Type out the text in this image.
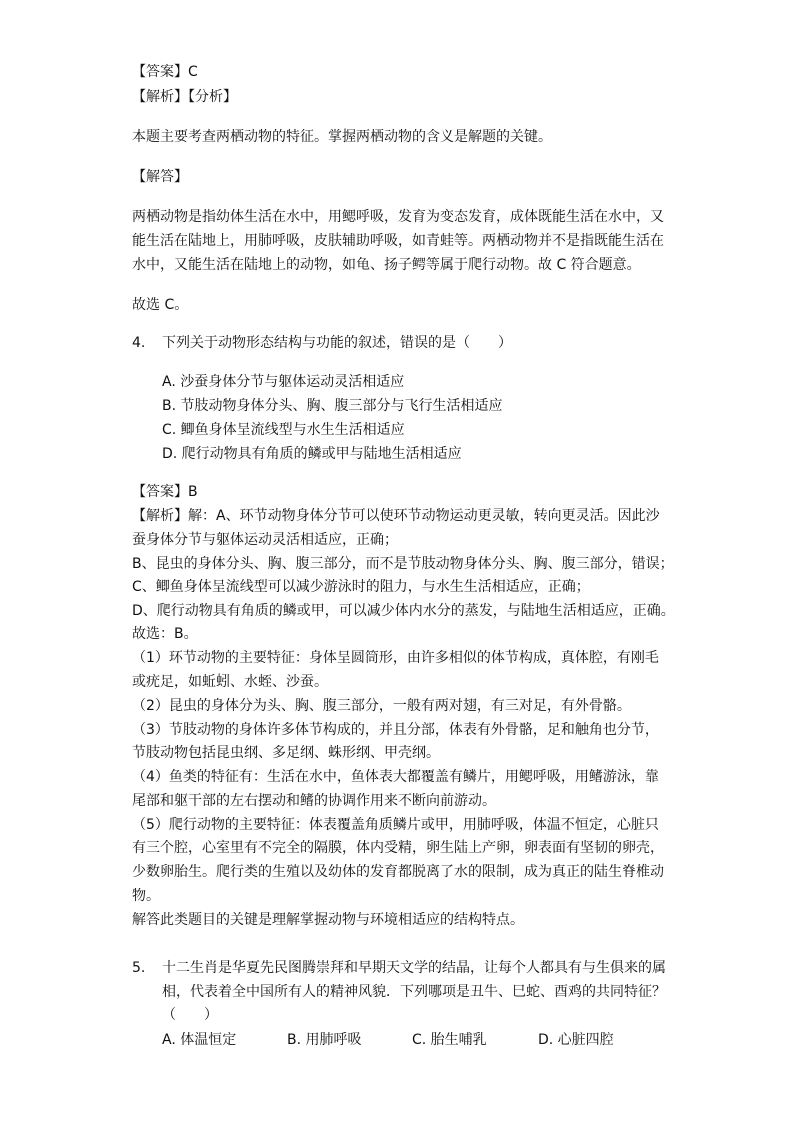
【答案】C
【解析】【分析】
本题主要考查两栖动物的特征。掌握两栖动物的含义是解题的关键。
【解答】
两栖动物是指幼体生活在水中，用鳃呼吸，发育为变态发育，成体既能生活在水中，又
能生活在陆地上，用肺呼吸，皮肤辅助呼吸，如青蛙等。两栖动物并不是指既能生活在
水中，又能生活在陆地上的动物，如龟、扬子鳄等属于爬行动物。故 C 符合题意。
故选 C。
4. 下列关于动物形态结构与功能的叙述，错误的是（　　）
A. 沙蚕身体分节与躯体运动灵活相适应
B. 节肢动物身体分头、胸、腹三部分与飞行生活相适应
C. 鲫鱼身体呈流线型与水生生活相适应
D. 爬行动物具有角质的鳞或甲与陆地生活相适应
【答案】B
【解析】解：A、环节动物身体分节可以使环节动物运动更灵敏，转向更灵活。因此沙
蚕身体分节与躯体运动灵活相适应，正确；
B、昆虫的身体分头、胸、腹三部分，而不是节肢动物身体分头、胸、腹三部分，错误；
C、鲫鱼身体呈流线型可以减少游泳时的阻力，与水生生活相适应，正确；
D、爬行动物具有角质的鳞或甲，可以减少体内水分的蒸发，与陆地生活相适应，正确。
故选：B。
（1）环节动物的主要特征：身体呈圆筒形，由许多相似的体节构成，真体腔，有刚毛
或疣足，如蚯蚓、水蛭、沙蚕。
（2）昆虫的身体分为头、胸、腹三部分，一般有两对翅，有三对足，有外骨骼。
（3）节肢动物的身体许多体节构成的，并且分部，体表有外骨骼，足和触角也分节，
节肢动物包括昆虫纲、多足纲、蛛形纲、甲壳纲。
（4）鱼类的特征有：生活在水中，鱼体表大都覆盖有鳞片，用鳃呼吸，用鳍游泳，靠
尾部和躯干部的左右摆动和鳍的协调作用来不断向前游动。
（5）爬行动物的主要特征：体表覆盖角质鳞片或甲，用肺呼吸，体温不恒定，心脏只
有三个腔，心室里有不完全的隔膜，体内受精，卵生陆上产卵，卵表面有坚韧的卵壳，
少数卵胎生。爬行类的生殖以及幼体的发育都脱离了水的限制，成为真正的陆生脊椎动
物。
解答此类题目的关键是理解掌握动物与环境相适应的结构特点。
5. 十二生肖是华夏先民图腾崇拜和早期天文学的结晶，让每个人都具有与生俱来的属
相，代表着全中国所有人的精神风貌．下列哪项是丑牛、巳蛇、酉鸡的共同特征？
（　　）
A. 体温恒定	B. 用肺呼吸	C. 胎生哺乳	D. 心脏四腔
